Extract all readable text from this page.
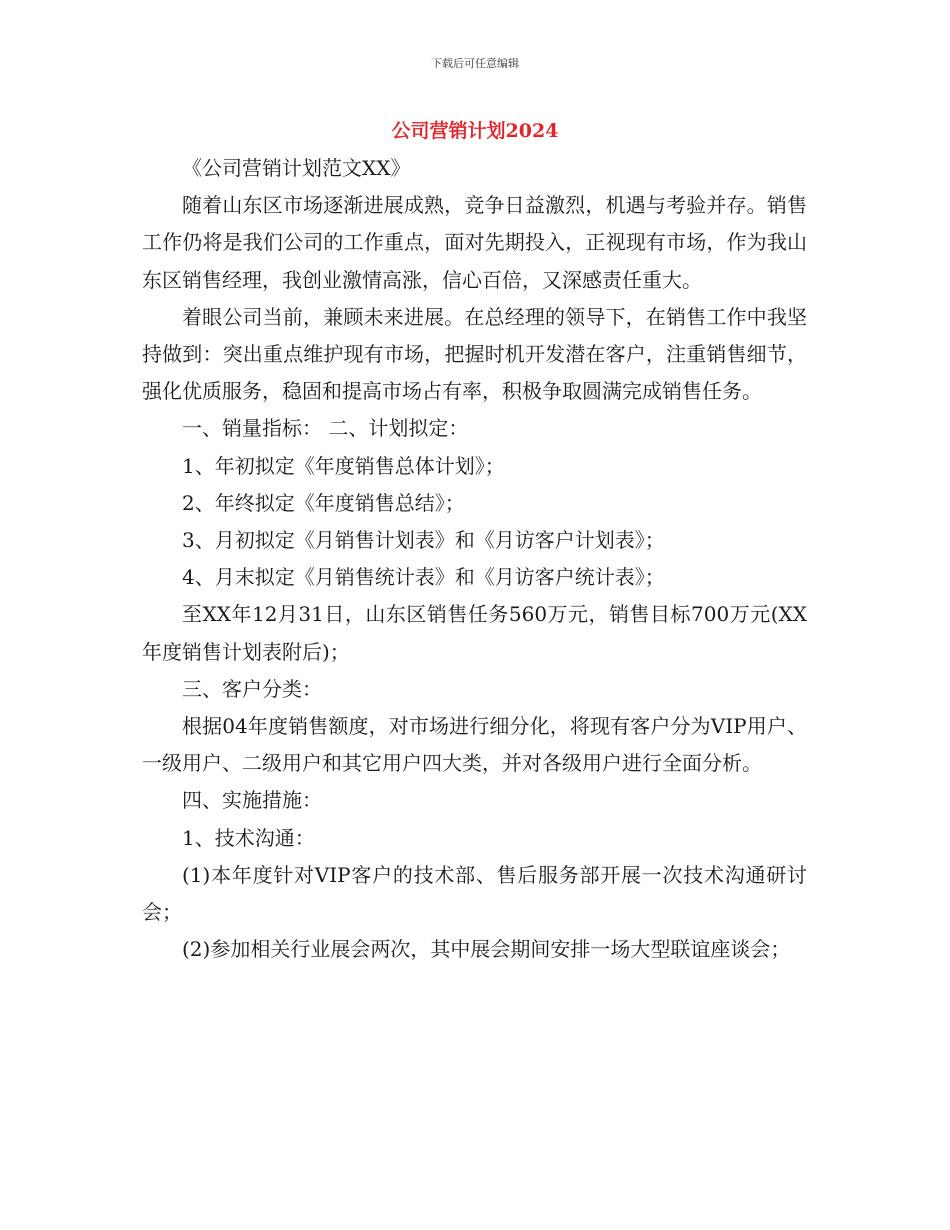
下载后可任意编辑
公司营销计划2024

《公司营销计划范文XX》

随着山东区市场逐渐进展成熟，竞争日益激烈，机遇与考验并存。销售工作仍将是我们公司的工作重点，面对先期投入，正视现有市场，作为我山东区销售经理，我创业激情高涨，信心百倍，又深感责任重大。

着眼公司当前，兼顾未来进展。在总经理的领导下，在销售工作中我坚持做到：突出重点维护现有市场，把握时机开发潜在客户，注重销售细节，强化优质服务，稳固和提高市场占有率，积极争取圆满完成销售任务。

一、销量指标： 二、计划拟定：

1、年初拟定《年度销售总体计划》；

2、年终拟定《年度销售总结》；

3、月初拟定《月销售计划表》和《月访客户计划表》；

4、月末拟定《月销售统计表》和《月访客户统计表》；

至XX年12月31日，山东区销售任务560万元，销售目标700万元(XX年度销售计划表附后)；

三、客户分类：

根据04年度销售额度，对市场进行细分化，将现有客户分为VIP用户、一级用户、二级用户和其它用户四大类，并对各级用户进行全面分析。

四、实施措施：

1、技术沟通：

(1)本年度针对VIP客户的技术部、售后服务部开展一次技术沟通研讨会；

(2)参加相关行业展会两次，其中展会期间安排一场大型联谊座谈会；
